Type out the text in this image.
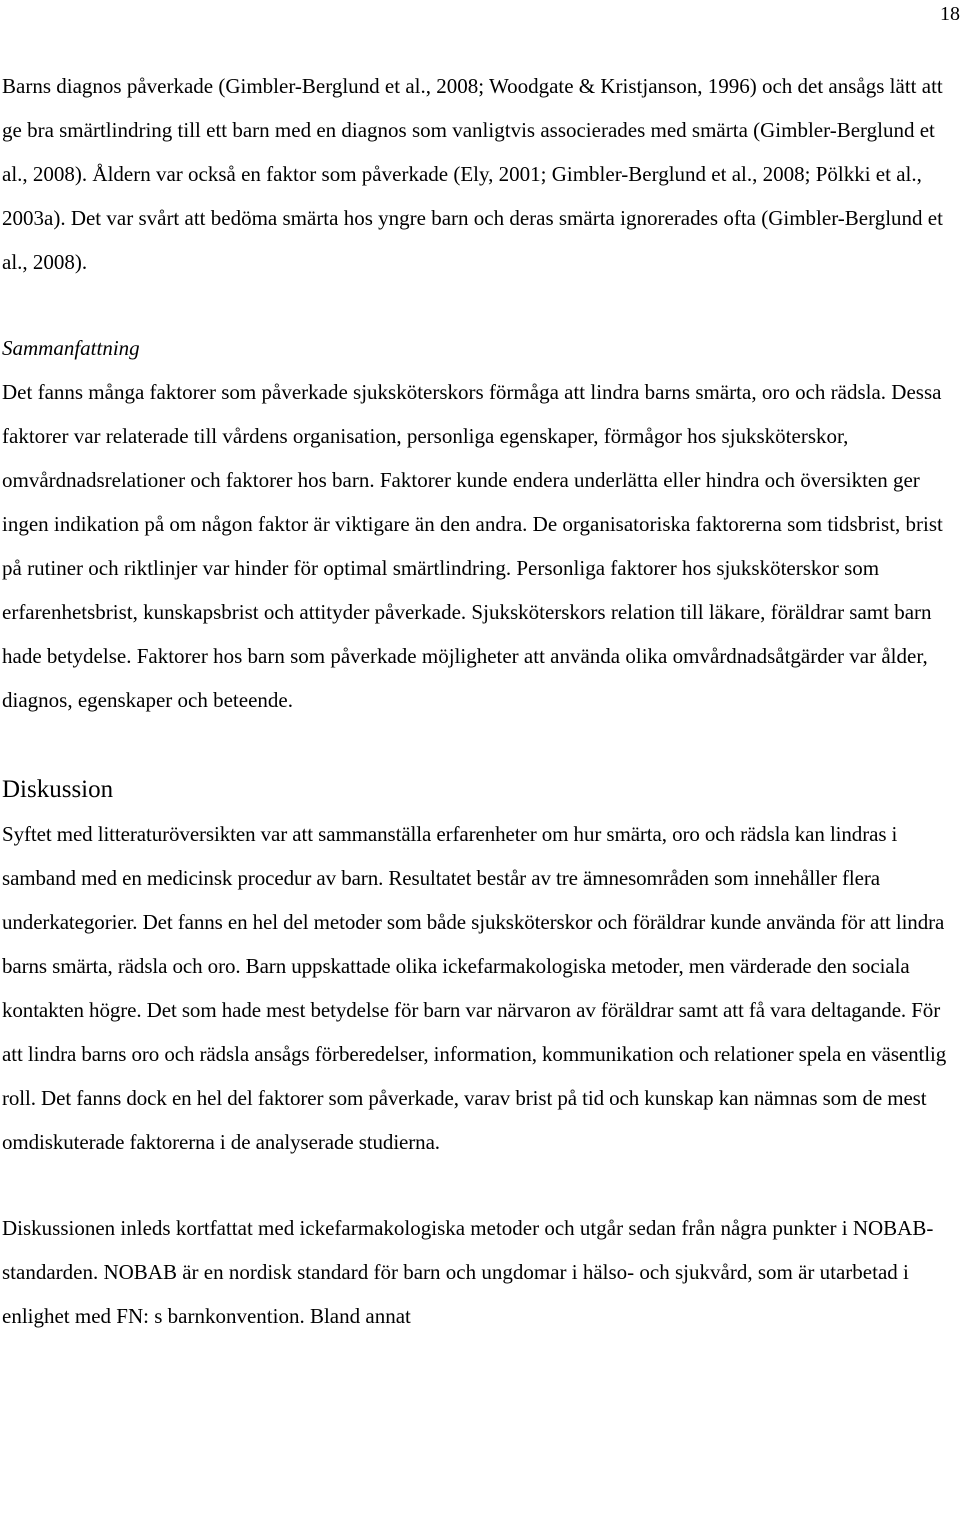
18

Barns diagnos påverkade (Gimbler-Berglund et al., 2008; Woodgate & Kristjanson, 1996) och det ansågs lätt att ge bra smärtlindring till ett barn med en diagnos som vanligtvis associerades med smärta (Gimbler-Berglund et al., 2008). Åldern var också en faktor som påverkade (Ely, 2001; Gimbler-Berglund et al., 2008; Pölkki et al., 2003a). Det var svårt att bedöma smärta hos yngre barn och deras smärta ignorerades ofta (Gimbler-Berglund et al., 2008).

Sammanfattning

Det fanns många faktorer som påverkade sjuksköterskors förmåga att lindra barns smärta, oro och rädsla. Dessa faktorer var relaterade till vårdens organisation, personliga egenskaper, förmågor hos sjuksköterskor, omvårdnadsrelationer och faktorer hos barn. Faktorer kunde endera underlätta eller hindra och översikten ger ingen indikation på om någon faktor är viktigare än den andra. De organisatoriska faktorerna som tidsbrist, brist på rutiner och riktlinjer var hinder för optimal smärtlindring. Personliga faktorer hos sjuksköterskor som erfarenhetsbrist, kunskapsbrist och attityder påverkade. Sjuksköterskors relation till läkare, föräldrar samt barn hade betydelse. Faktorer hos barn som påverkade möjligheter att använda olika omvårdnadsåtgärder var ålder, diagnos, egenskaper och beteende.

Diskussion

Syftet med litteraturöversikten var att sammanställa erfarenheter om hur smärta, oro och rädsla kan lindras i samband med en medicinsk procedur av barn. Resultatet består av tre ämnesområden som innehåller flera underkategorier. Det fanns en hel del metoder som både sjuksköterskor och föräldrar kunde använda för att lindra barns smärta, rädsla och oro. Barn uppskattade olika ickefarmakologiska metoder, men värderade den sociala kontakten högre. Det som hade mest betydelse för barn var närvaron av föräldrar samt att få vara deltagande. För att lindra barns oro och rädsla ansågs förberedelser, information, kommunikation och relationer spela en väsentlig roll. Det fanns dock en hel del faktorer som påverkade, varav brist på tid och kunskap kan nämnas som de mest omdiskuterade faktorerna i de analyserade studierna.

Diskussionen inleds kortfattat med ickefarmakologiska metoder och utgår sedan från några punkter i NOBAB-standarden. NOBAB är en nordisk standard för barn och ungdomar i hälso- och sjukvård, som är utarbetad i enlighet med FN: s barnkonvention. Bland annat
